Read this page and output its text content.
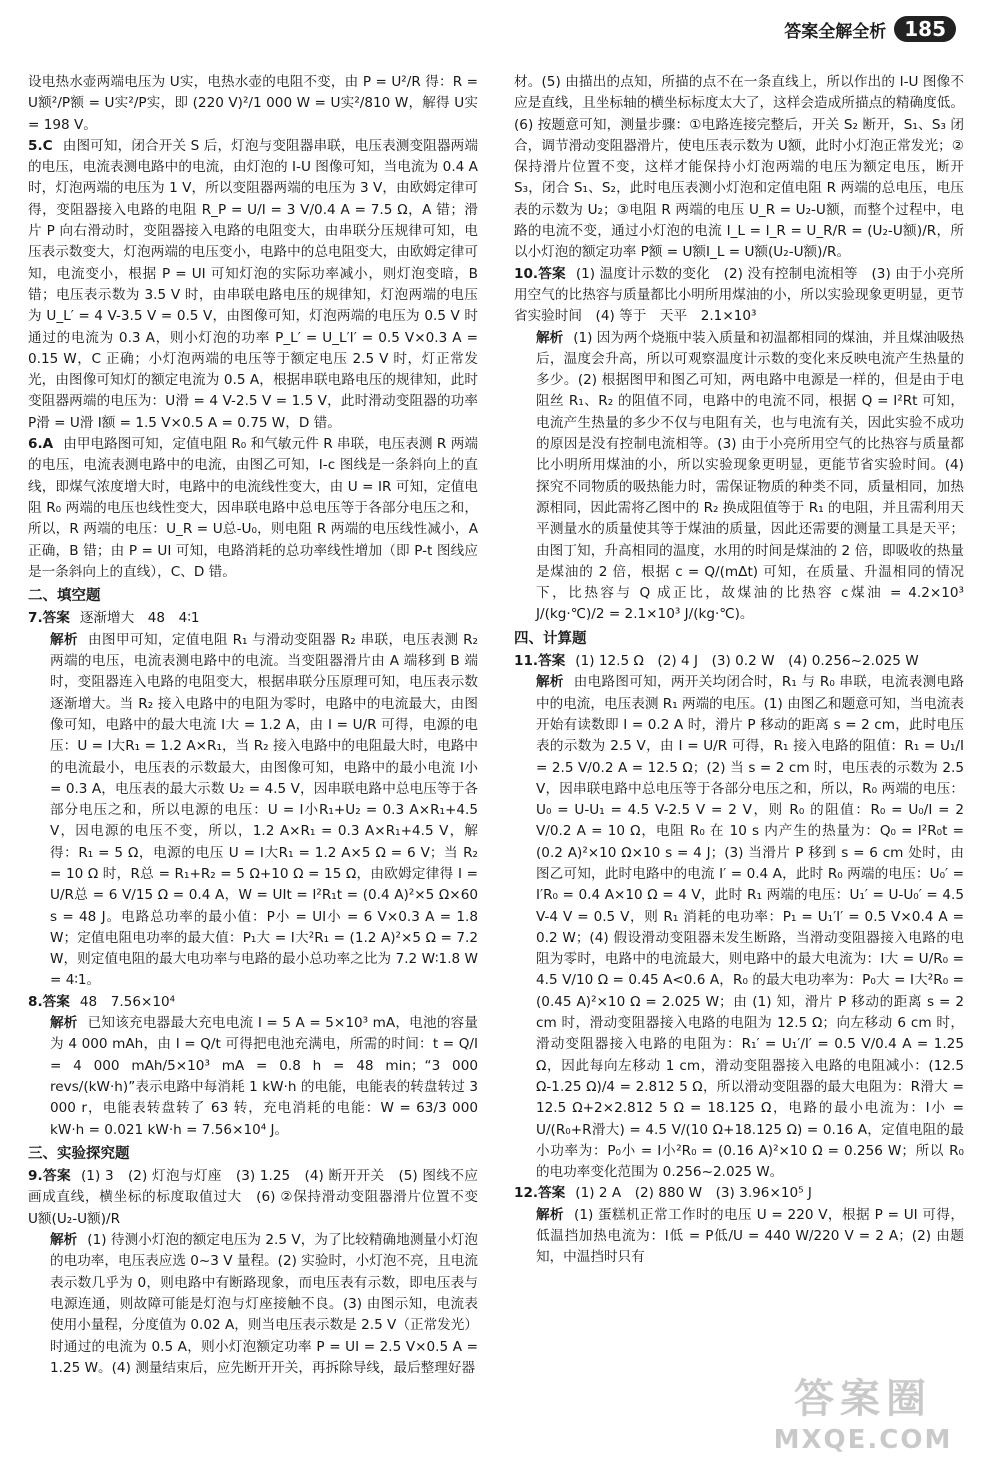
答案全解全析 185

设电热水壶两端电压为 U实，电热水壶的电阻不变，由 P = U²/R 得：R = U额²/P额 = U实²/P实，即 (220 V)²/1 000 W = U实²/810 W，解得 U实 = 198 V。

5.C 由图可知，闭合开关 S 后，灯泡与变阻器串联，电压表测变阻器两端的电压，电流表测电路中的电流，由灯泡的 I-U 图像可知，当电流为 0.4 A 时，灯泡两端的电压为 1 V，所以变阻器两端的电压为 3 V，由欧姆定律可得，变阻器接入电路的电阻 R_P = U/I = 3 V/0.4 A = 7.5 Ω，A 错；滑片 P 向右滑动时，变阻器接入电路的电阻变大，由串联分压规律可知，电压表示数变大，灯泡两端的电压变小，电路中的总电阻变大，由欧姆定律可知，电流变小，根据 P = UI 可知灯泡的实际功率减小，则灯泡变暗，B 错；电压表示数为 3.5 V 时，由串联电路电压的规律知，灯泡两端的电压为 U_L′ = 4 V-3.5 V = 0.5 V，由图像可知，灯泡两端的电压为 0.5 V 时通过的电流为 0.3 A，则小灯泡的功率 P_L′ = U_L′I′ = 0.5 V×0.3 A = 0.15 W，C 正确；小灯泡两端的电压等于额定电压 2.5 V 时，灯正常发光，由图像可知灯的额定电流为 0.5 A，根据串联电路电压的规律知，此时变阻器两端的电压为：U滑 = 4 V-2.5 V = 1.5 V，此时滑动变阻器的功率 P滑 = U滑 I额 = 1.5 V×0.5 A = 0.75 W，D 错。

6.A 由甲电路图可知，定值电阻 R₀ 和气敏元件 R 串联，电压表测 R 两端的电压，电流表测电路中的电流，由图乙可知，I-c 图线是一条斜向上的直线，即煤气浓度增大时，电路中的电流线性变大，由 U = IR 可知，定值电阻 R₀ 两端的电压也线性变大，因串联电路中总电压等于各部分电压之和，所以，R 两端的电压：U_R = U总-U₀，则电阻 R 两端的电压线性减小，A 正确，B 错；由 P = UI 可知，电路消耗的总功率线性增加（即 P-t 图线应是一条斜向上的直线），C、D 错。

二、填空题

7.答案 逐渐增大　48　4∶1

解析 由图甲可知，定值电阻 R₁ 与滑动变阻器 R₂ 串联，电压表测 R₂ 两端的电压，电流表测电路中的电流。当变阻器滑片由 A 端移到 B 端时，变阻器连入电路的电阻变大，根据串联分压原理可知，电压表示数逐渐增大。当 R₂ 接入电路中的电阻为零时，电路中的电流最大，由图像可知，电路中的最大电流 I大 = 1.2 A，由 I = U/R 可得，电源的电压：U = I大R₁ = 1.2 A×R₁，当 R₂ 接入电路中的电阻最大时，电路中的电流最小，电压表的示数最大，由图像可知，电路中的最小电流 I小 = 0.3 A，电压表的最大示数 U₂ = 4.5 V，因串联电路中总电压等于各部分电压之和，所以电源的电压：U = I小R₁+U₂ = 0.3 A×R₁+4.5 V，因电源的电压不变，所以，1.2 A×R₁ = 0.3 A×R₁+4.5 V，解得：R₁ = 5 Ω，电源的电压 U = I大R₁ = 1.2 A×5 Ω = 6 V；当 R₂ = 10 Ω 时，R总 = R₁+R₂ = 5 Ω+10 Ω = 15 Ω，由欧姆定律得 I = U/R总 = 6 V/15 Ω = 0.4 A，W = UIt = I²R₁t = (0.4 A)²×5 Ω×60 s = 48 J。电路总功率的最小值：P小 = UI小 = 6 V×0.3 A = 1.8 W；定值电阻电功率的最大值：P₁大 = I大²R₁ = (1.2 A)²×5 Ω = 7.2 W，则定值电阻的最大电功率与电路的最小总功率之比为 7.2 W∶1.8 W = 4∶1。

8.答案 48　7.56×10⁴

解析 已知该充电器最大充电电流 I = 5 A = 5×10³ mA，电池的容量为 4 000 mAh，由 I = Q/t 可得把电池充满电，所需的时间：t = Q/I = 4 000 mAh/5×10³ mA = 0.8 h = 48 min；“3 000 revs/(kW·h)”表示电路中每消耗 1 kW·h 的电能，电能表的转盘转过 3 000 r，电能表转盘转了 63 转，充电消耗的电能：W = 63/3 000 kW·h = 0.021 kW·h = 7.56×10⁴ J。

三、实验探究题

9.答案 (1) 3　(2) 灯泡与灯座　(3) 1.25　(4) 断开开关　(5) 图线不应画成直线，横坐标的标度取值过大　(6) ②保持滑动变阻器滑片位置不变　U额(U₂-U额)/R

解析 (1) 待测小灯泡的额定电压为 2.5 V，为了比较精确地测量小灯泡的电功率，电压表应选 0~3 V 量程。(2) 实验时，小灯泡不亮，且电流表示数几乎为 0，则电路中有断路现象，而电压表有示数，即电压表与电源连通，则故障可能是灯泡与灯座接触不良。(3) 由图示知，电流表使用小量程，分度值为 0.02 A，则当电压表示数是 2.5 V（正常发光）时通过的电流为 0.5 A，则小灯泡额定功率 P = UI = 2.5 V×0.5 A = 1.25 W。(4) 测量结束后，应先断开开关，再拆除导线，最后整理好器

材。(5) 由描出的点知，所描的点不在一条直线上，所以作出的 I-U 图像不应是直线，且坐标轴的横坐标标度太大了，这样会造成所描点的精确度低。(6) 按题意可知，测量步骤：①电路连接完整后，开关 S₂ 断开，S₁、S₃ 闭合，调节滑动变阻器滑片，使电压表示数为 U额，此时小灯泡正常发光；②保持滑片位置不变，这样才能保持小灯泡两端的电压为额定电压，断开 S₃，闭合 S₁、S₂，此时电压表测小灯泡和定值电阻 R 两端的总电压，电压表的示数为 U₂；③电阻 R 两端的电压 U_R = U₂-U额，而整个过程中，电路的电流不变，通过小灯泡的电流 I_L = I_R = U_R/R = (U₂-U额)/R，所以小灯泡的额定功率 P额 = U额I_L = U额(U₂-U额)/R。

10.答案 (1) 温度计示数的变化　(2) 没有控制电流相等　(3) 由于小亮所用空气的比热容与质量都比小明所用煤油的小，所以实验现象更明显，更节省实验时间　(4) 等于　天平　2.1×10³

解析 (1) 因为两个烧瓶中装入质量和初温都相同的煤油，并且煤油吸热后，温度会升高，所以可观察温度计示数的变化来反映电流产生热量的多少。(2) 根据图甲和图乙可知，两电路中电源是一样的，但是由于电阻丝 R₁、R₂ 的阻值不同，电路中的电流不同，根据 Q = I²Rt 可知，电流产生热量的多少不仅与电阻有关，也与电流有关，因此实验不成功的原因是没有控制电流相等。(3) 由于小亮所用空气的比热容与质量都比小明所用煤油的小，所以实验现象更明显，更能节省实验时间。(4) 探究不同物质的吸热能力时，需保证物质的种类不同，质量相同，加热源相同，因此需将乙图中的 R₂ 换成阻值等于 R₁ 的电阻，并且需利用天平测量水的质量使其等于煤油的质量，因此还需要的测量工具是天平；由图丁知，升高相同的温度，水用的时间是煤油的 2 倍，即吸收的热量是煤油的 2 倍，根据 c = Q/(mΔt) 可知，在质量、升温相同的情况下，比热容与 Q 成正比，故煤油的比热容 c煤油 = 4.2×10³ J/(kg·℃)/2 = 2.1×10³ J/(kg·℃)。

四、计算题

11.答案 (1) 12.5 Ω　(2) 4 J　(3) 0.2 W　(4) 0.256~2.025 W

解析 由电路图可知，两开关均闭合时，R₁ 与 R₀ 串联，电流表测电路中的电流，电压表测 R₁ 两端的电压。(1) 由图乙和题意可知，当电流表开始有读数即 I = 0.2 A 时，滑片 P 移动的距离 s = 2 cm，此时电压表的示数为 2.5 V，由 I = U/R 可得，R₁ 接入电路的阻值：R₁ = U₁/I = 2.5 V/0.2 A = 12.5 Ω；(2) 当 s = 2 cm 时，电压表的示数为 2.5 V，因串联电路中总电压等于各部分电压之和，所以，R₀ 两端的电压：U₀ = U-U₁ = 4.5 V-2.5 V = 2 V，则 R₀ 的阻值：R₀ = U₀/I = 2 V/0.2 A = 10 Ω，电阻 R₀ 在 10 s 内产生的热量为：Q₀ = I²R₀t = (0.2 A)²×10 Ω×10 s = 4 J；(3) 当滑片 P 移到 s = 6 cm 处时，由图乙可知，此时电路中的电流 I′ = 0.4 A，此时 R₀ 两端的电压：U₀′ = I′R₀ = 0.4 A×10 Ω = 4 V，此时 R₁ 两端的电压：U₁′ = U-U₀′ = 4.5 V-4 V = 0.5 V，则 R₁ 消耗的电功率：P₁ = U₁′I′ = 0.5 V×0.4 A = 0.2 W；(4) 假设滑动变阻器未发生断路，当滑动变阻器接入电路的电阻为零时，电路中的电流最大，则电路中的最大电流为：I大 = U/R₀ = 4.5 V/10 Ω = 0.45 A<0.6 A，R₀ 的最大电功率为：P₀大 = I大²R₀ = (0.45 A)²×10 Ω = 2.025 W；由 (1) 知，滑片 P 移动的距离 s = 2 cm 时，滑动变阻器接入电路的电阻为 12.5 Ω；向左移动 6 cm 时，滑动变阻器接入电路的电阻为：R₁′ = U₁′/I′ = 0.5 V/0.4 A = 1.25 Ω，因此每向左移动 1 cm，滑动变阻器接入电路的电阻减小：(12.5 Ω-1.25 Ω)/4 = 2.812 5 Ω，所以滑动变阻器的最大电阻为：R滑大 = 12.5 Ω+2×2.812 5 Ω = 18.125 Ω，电路的最小电流为：I小 = U/(R₀+R滑大) = 4.5 V/(10 Ω+18.125 Ω) = 0.16 A，定值电阻的最小功率为：P₀小 = I小²R₀ = (0.16 A)²×10 Ω = 0.256 W；所以 R₀ 的电功率变化范围为 0.256~2.025 W。

12.答案 (1) 2 A　(2) 880 W　(3) 3.96×10⁵ J

解析 (1) 蛋糕机正常工作时的电压 U = 220 V，根据 P = UI 可得，低温挡加热电流为：I低 = P低/U = 440 W/220 V = 2 A；(2) 由题知，中温挡时只有

答案圈
MXQE.COM
